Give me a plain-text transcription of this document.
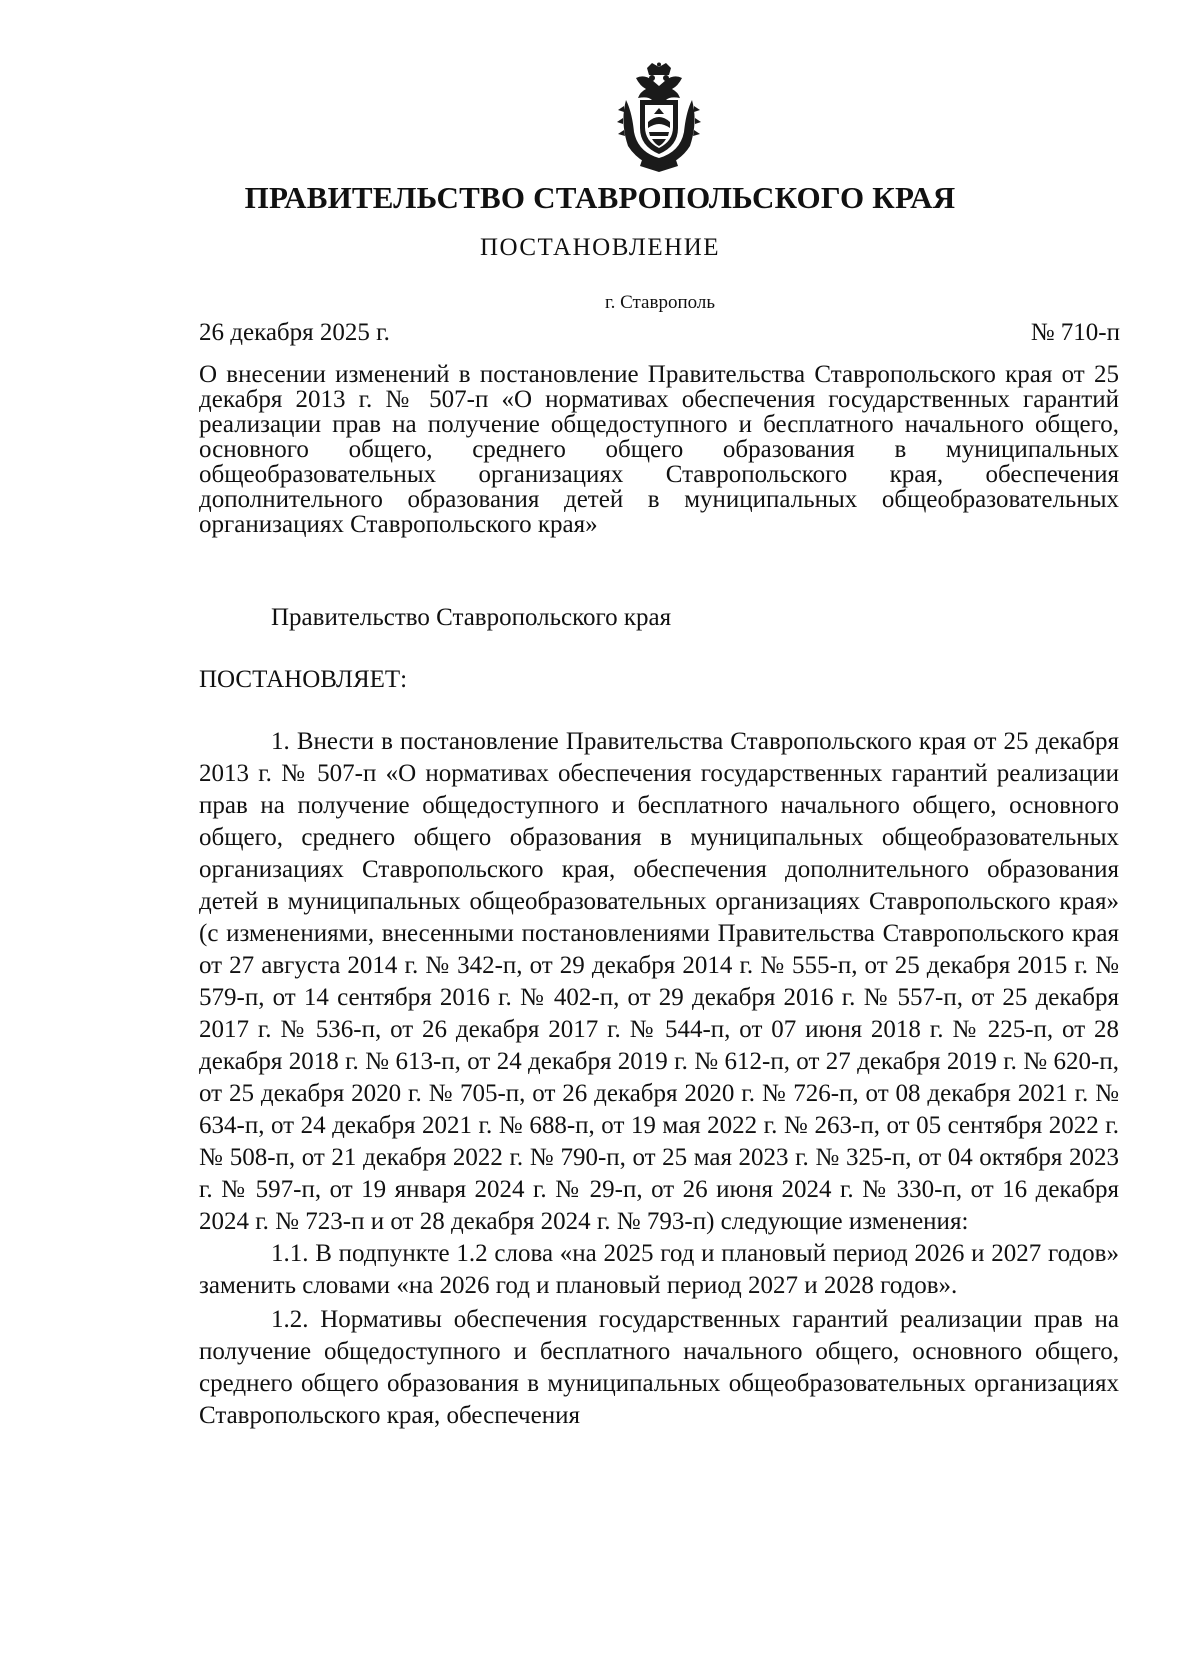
ПРАВИТЕЛЬСТВО СТАВРОПОЛЬСКОГО КРАЯ
ПОСТАНОВЛЕНИЕ
г. Ставрополь
26 декабря 2025 г.	№ 710-п
О внесении изменений в постановление Правительства Ставропольского края от 25 декабря 2013 г. № 507-п «О нормативах обеспечения государственных гарантий реализации прав на получение общедоступного и бесплатного начального общего, основного общего, среднего общего образования в муниципальных общеобразовательных организациях Ставропольского края, обеспечения дополнительного образования детей в муниципальных общеобразовательных организациях Ставропольского края»
Правительство Ставропольского края
ПОСТАНОВЛЯЕТ:

1. Внести в постановление Правительства Ставропольского края от 25 декабря 2013 г. № 507-п «О нормативах обеспечения государственных гарантий реализации прав на получение общедоступного и бесплатного начального общего, основного общего, среднего общего образования в муниципальных общеобразовательных организациях Ставропольского края, обеспечения дополнительного образования детей в муниципальных общеобразовательных организациях Ставропольского края» (с изменениями, внесенными постановлениями Правительства Ставропольского края от 27 августа 2014 г. № 342-п, от 29 декабря 2014 г. № 555-п, от 25 декабря 2015 г. № 579-п, от 14 сентября 2016 г. № 402-п, от 29 декабря 2016 г. № 557-п, от 25 декабря 2017 г. № 536-п, от 26 декабря 2017 г. № 544-п, от 07 июня 2018 г. № 225-п, от 28 декабря 2018 г. № 613-п, от 24 декабря 2019 г. № 612-п, от 27 декабря 2019 г. № 620-п, от 25 декабря 2020 г. № 705-п, от 26 декабря 2020 г. № 726-п, от 08 декабря 2021 г. № 634-п, от 24 декабря 2021 г. № 688-п, от 19 мая 2022 г. № 263-п, от 05 сентября 2022 г. № 508-п, от 21 декабря 2022 г. № 790-п, от 25 мая 2023 г. № 325-п, от 04 октября 2023 г. № 597-п, от 19 января 2024 г. № 29-п, от 26 июня 2024 г. № 330-п, от 16 декабря 2024 г. № 723-п и от 28 декабря 2024 г. № 793-п) следующие изменения:

1.1. В подпункте 1.2 слова «на 2025 год и плановый период 2026 и 2027 годов» заменить словами «на 2026 год и плановый период 2027 и 2028 годов».

1.2. Нормативы обеспечения государственных гарантий реализации прав на получение общедоступного и бесплатного начального общего, основного общего, среднего общего образования в муниципальных общеобразовательных организациях Ставропольского края, обеспечения
